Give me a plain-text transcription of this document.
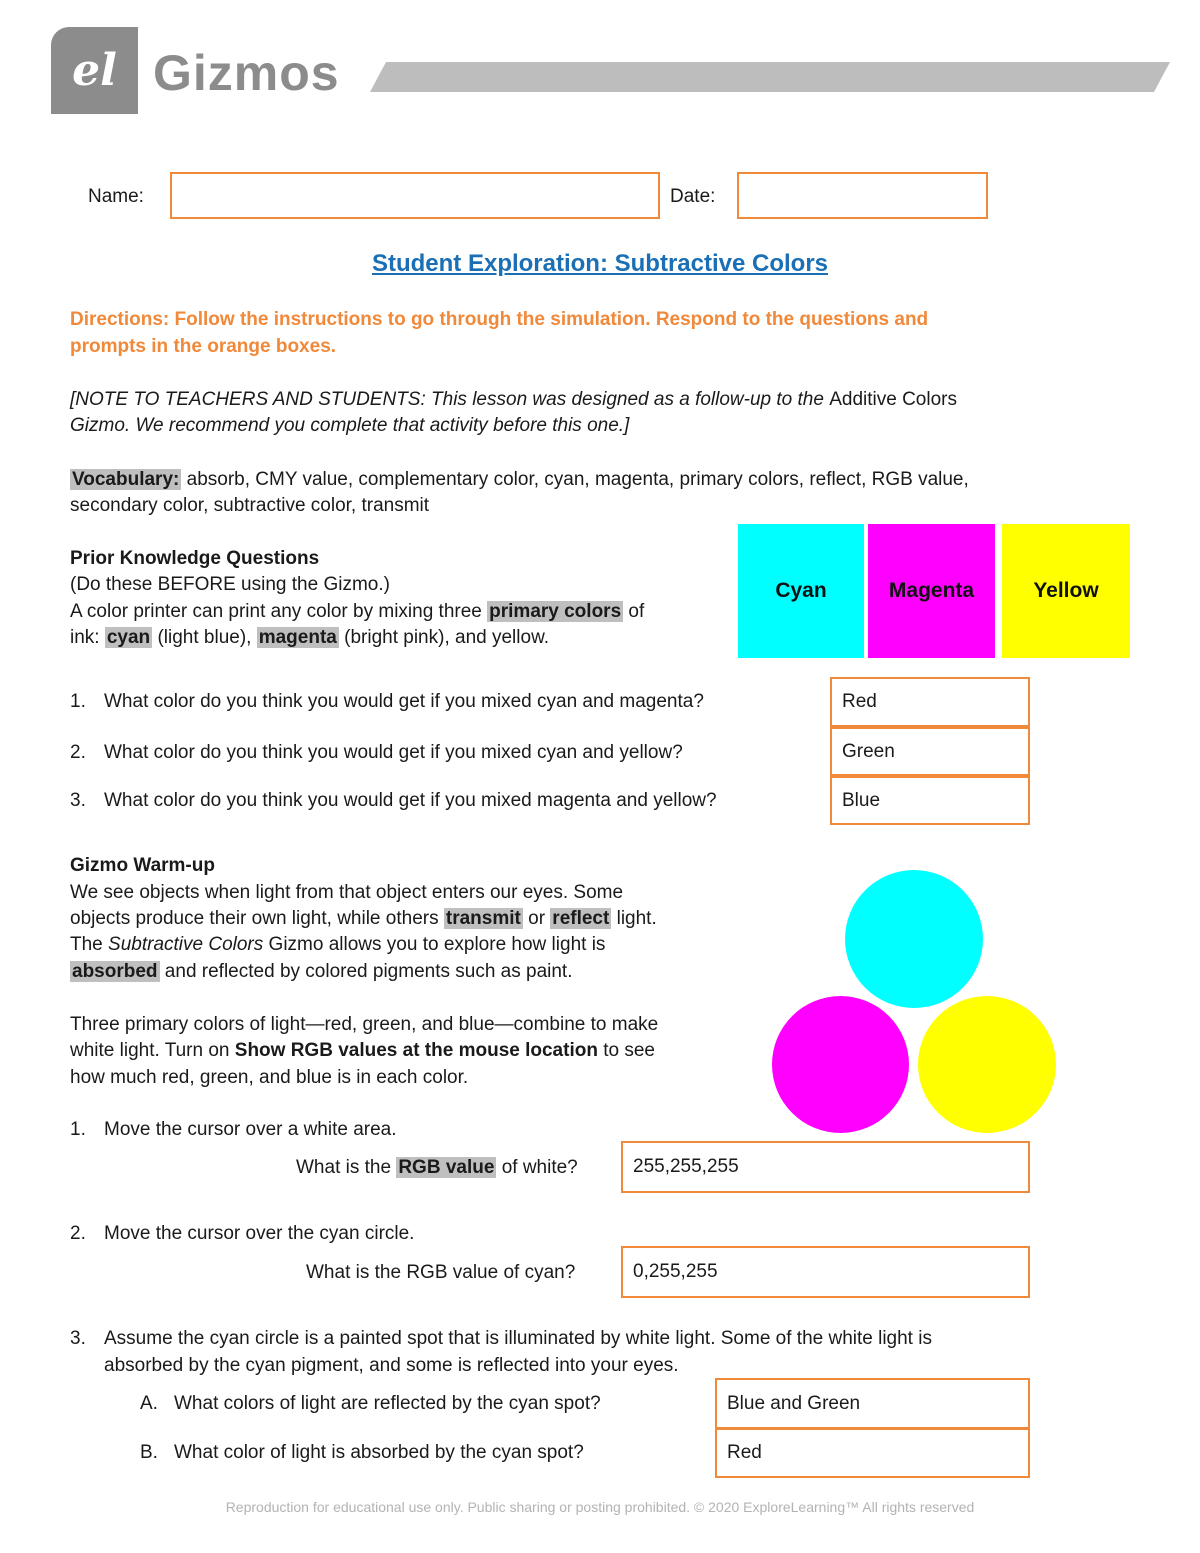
el Gizmos
Name:	Date:
Student Exploration: Subtractive Colors
Directions: Follow the instructions to go through the simulation. Respond to the questions and
prompts in the orange boxes.
[NOTE TO TEACHERS AND STUDENTS: This lesson was designed as a follow-up to the Additive Colors
Gizmo. We recommend you complete that activity before this one.]
Vocabulary: absorb, CMY value, complementary color, cyan, magenta, primary colors, reflect, RGB value,
secondary color, subtractive color, transmit
Prior Knowledge Questions
(Do these BEFORE using the Gizmo.)
A color printer can print any color by mixing three primary colors of
ink: cyan (light blue), magenta (bright pink), and yellow.
Cyan	Magenta	Yellow
1. What color do you think you would get if you mixed cyan and magenta?	Red
2. What color do you think you would get if you mixed cyan and yellow?	Green
3. What color do you think you would get if you mixed magenta and yellow?	Blue
Gizmo Warm-up
We see objects when light from that object enters our eyes. Some
objects produce their own light, while others transmit or reflect light.
The Subtractive Colors Gizmo allows you to explore how light is
absorbed and reflected by colored pigments such as paint.
Three primary colors of light—red, green, and blue—combine to make
white light. Turn on Show RGB values at the mouse location to see
how much red, green, and blue is in each color.
1. Move the cursor over a white area.
What is the RGB value of white?	255,255,255
2. Move the cursor over the cyan circle.
What is the RGB value of cyan?	0,255,255
3. Assume the cyan circle is a painted spot that is illuminated by white light. Some of the white light is
absorbed by the cyan pigment, and some is reflected into your eyes.
A. What colors of light are reflected by the cyan spot?	Blue and Green
B. What color of light is absorbed by the cyan spot?	Red
Reproduction for educational use only. Public sharing or posting prohibited. © 2020 ExploreLearning™ All rights reserved
